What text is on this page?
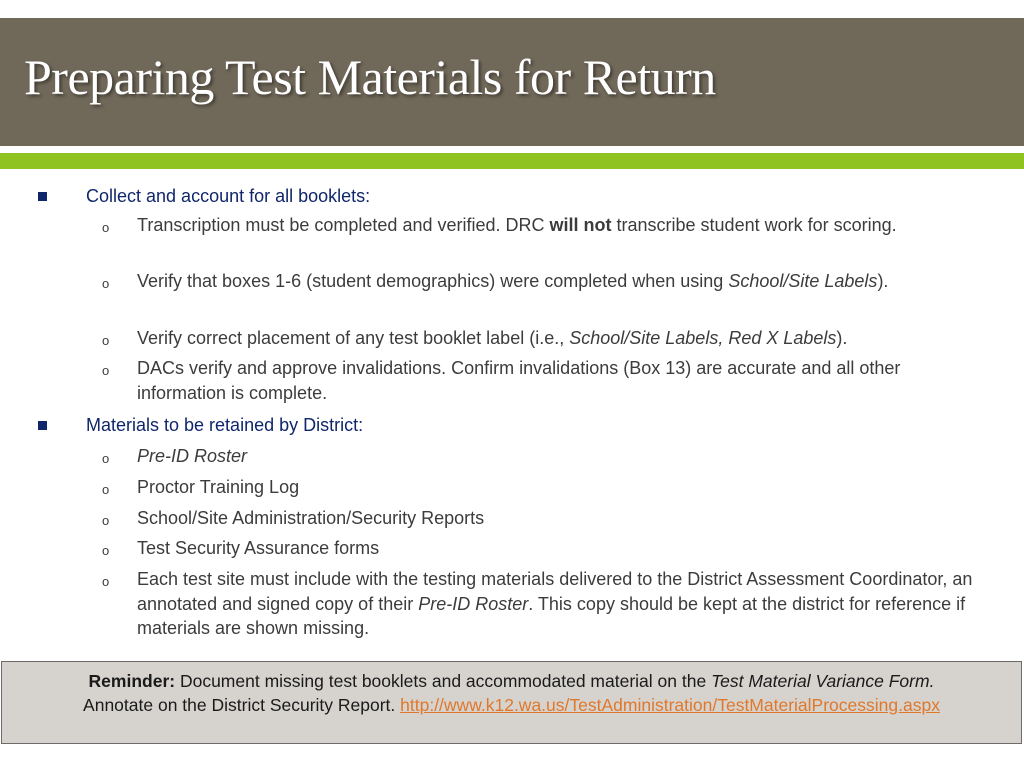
Preparing Test Materials for Return
Collect and account for all booklets:
o Transcription must be completed and verified. DRC will not transcribe student work for scoring.
o Verify that boxes 1-6 (student demographics) were completed when using School/Site Labels).
o Verify correct placement of any test booklet label (i.e., School/Site Labels, Red X Labels).
o DACs verify and approve invalidations. Confirm invalidations (Box 13) are accurate and all other information is complete.
Materials to be retained by District:
o Pre-ID Roster
o Proctor Training Log
o School/Site Administration/Security Reports
o Test Security Assurance forms
o Each test site must include with the testing materials delivered to the District Assessment Coordinator, an annotated and signed copy of their Pre-ID Roster. This copy should be kept at the district for reference if materials are shown missing.
Reminder: Document missing test booklets and accommodated material on the Test Material Variance Form.
Annotate on the District Security Report. http://www.k12.wa.us/TestAdministration/TestMaterialProcessing.aspx
